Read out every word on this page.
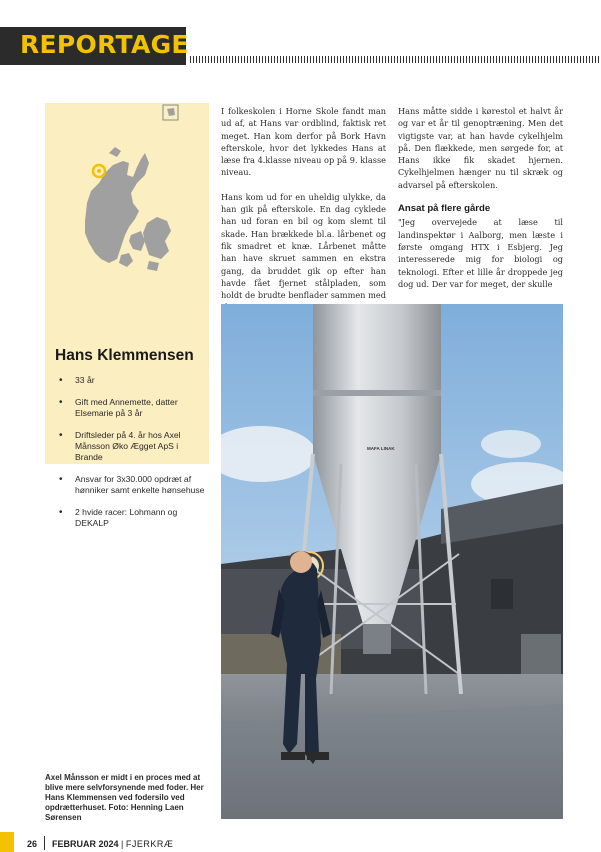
REPORTAGE
Hans Klemmensen
• 33 år
• Gift med Annemette, datter Elsemarie på 3 år
• Driftsleder på 4. år hos Axel Månsson Øko Ægget ApS i Brande
• Ansvar for 3x30.000 opdræt af hønniker samt enkelte hønsehuse
• 2 hvide racer: Lohmann og DEKALP

I folkeskolen i Horne Skole fandt man ud af, at Hans var ordblind, faktisk ret meget. Han kom derfor på Bork Havn efterskole, hvor det lykkedes Hans at læse fra 4.klasse niveau op på 9. klasse niveau.

Hans kom ud for en uheldig ulykke, da han gik på efterskole. En dag cyklede han ud foran en bil og kom slemt til skade. Han brækkede bl.a. lårbenet og fik smadret et knæ. Lårbenet måtte han have skruet sammen en ekstra gang, da bruddet gik op efter han havde fået fjernet stålpladen, som holdt de brudte benflader sammen med

Hans måtte sidde i kørestol et halvt år og var et år til genoptræning. Men det vigtigste var, at han havde cykelhjelm på. Den flækkede, men sørgede for, at Hans ikke fik skadet hjernen. Cykelhjelmen hænger nu til skræk og advarsel på efterskolen.

Ansat på flere gårde

"Jeg overvejede at læse til landinspektør i Aalborg, men læste i første omgang HTX i Esbjerg. Jeg interesserede mig for biologi og teknologi. Efter et lille år droppede jeg dog ud. Der var for meget, der skulle

MAFA LINAK
Axel Månsson er midt i en proces med at blive mere selvforsynende med foder. Her Hans Klemmensen ved fodersilo ved opdrætterhuset. Foto: Henning Laen Sørensen
26 FEBRUAR 2024 | FJERKRÆ
